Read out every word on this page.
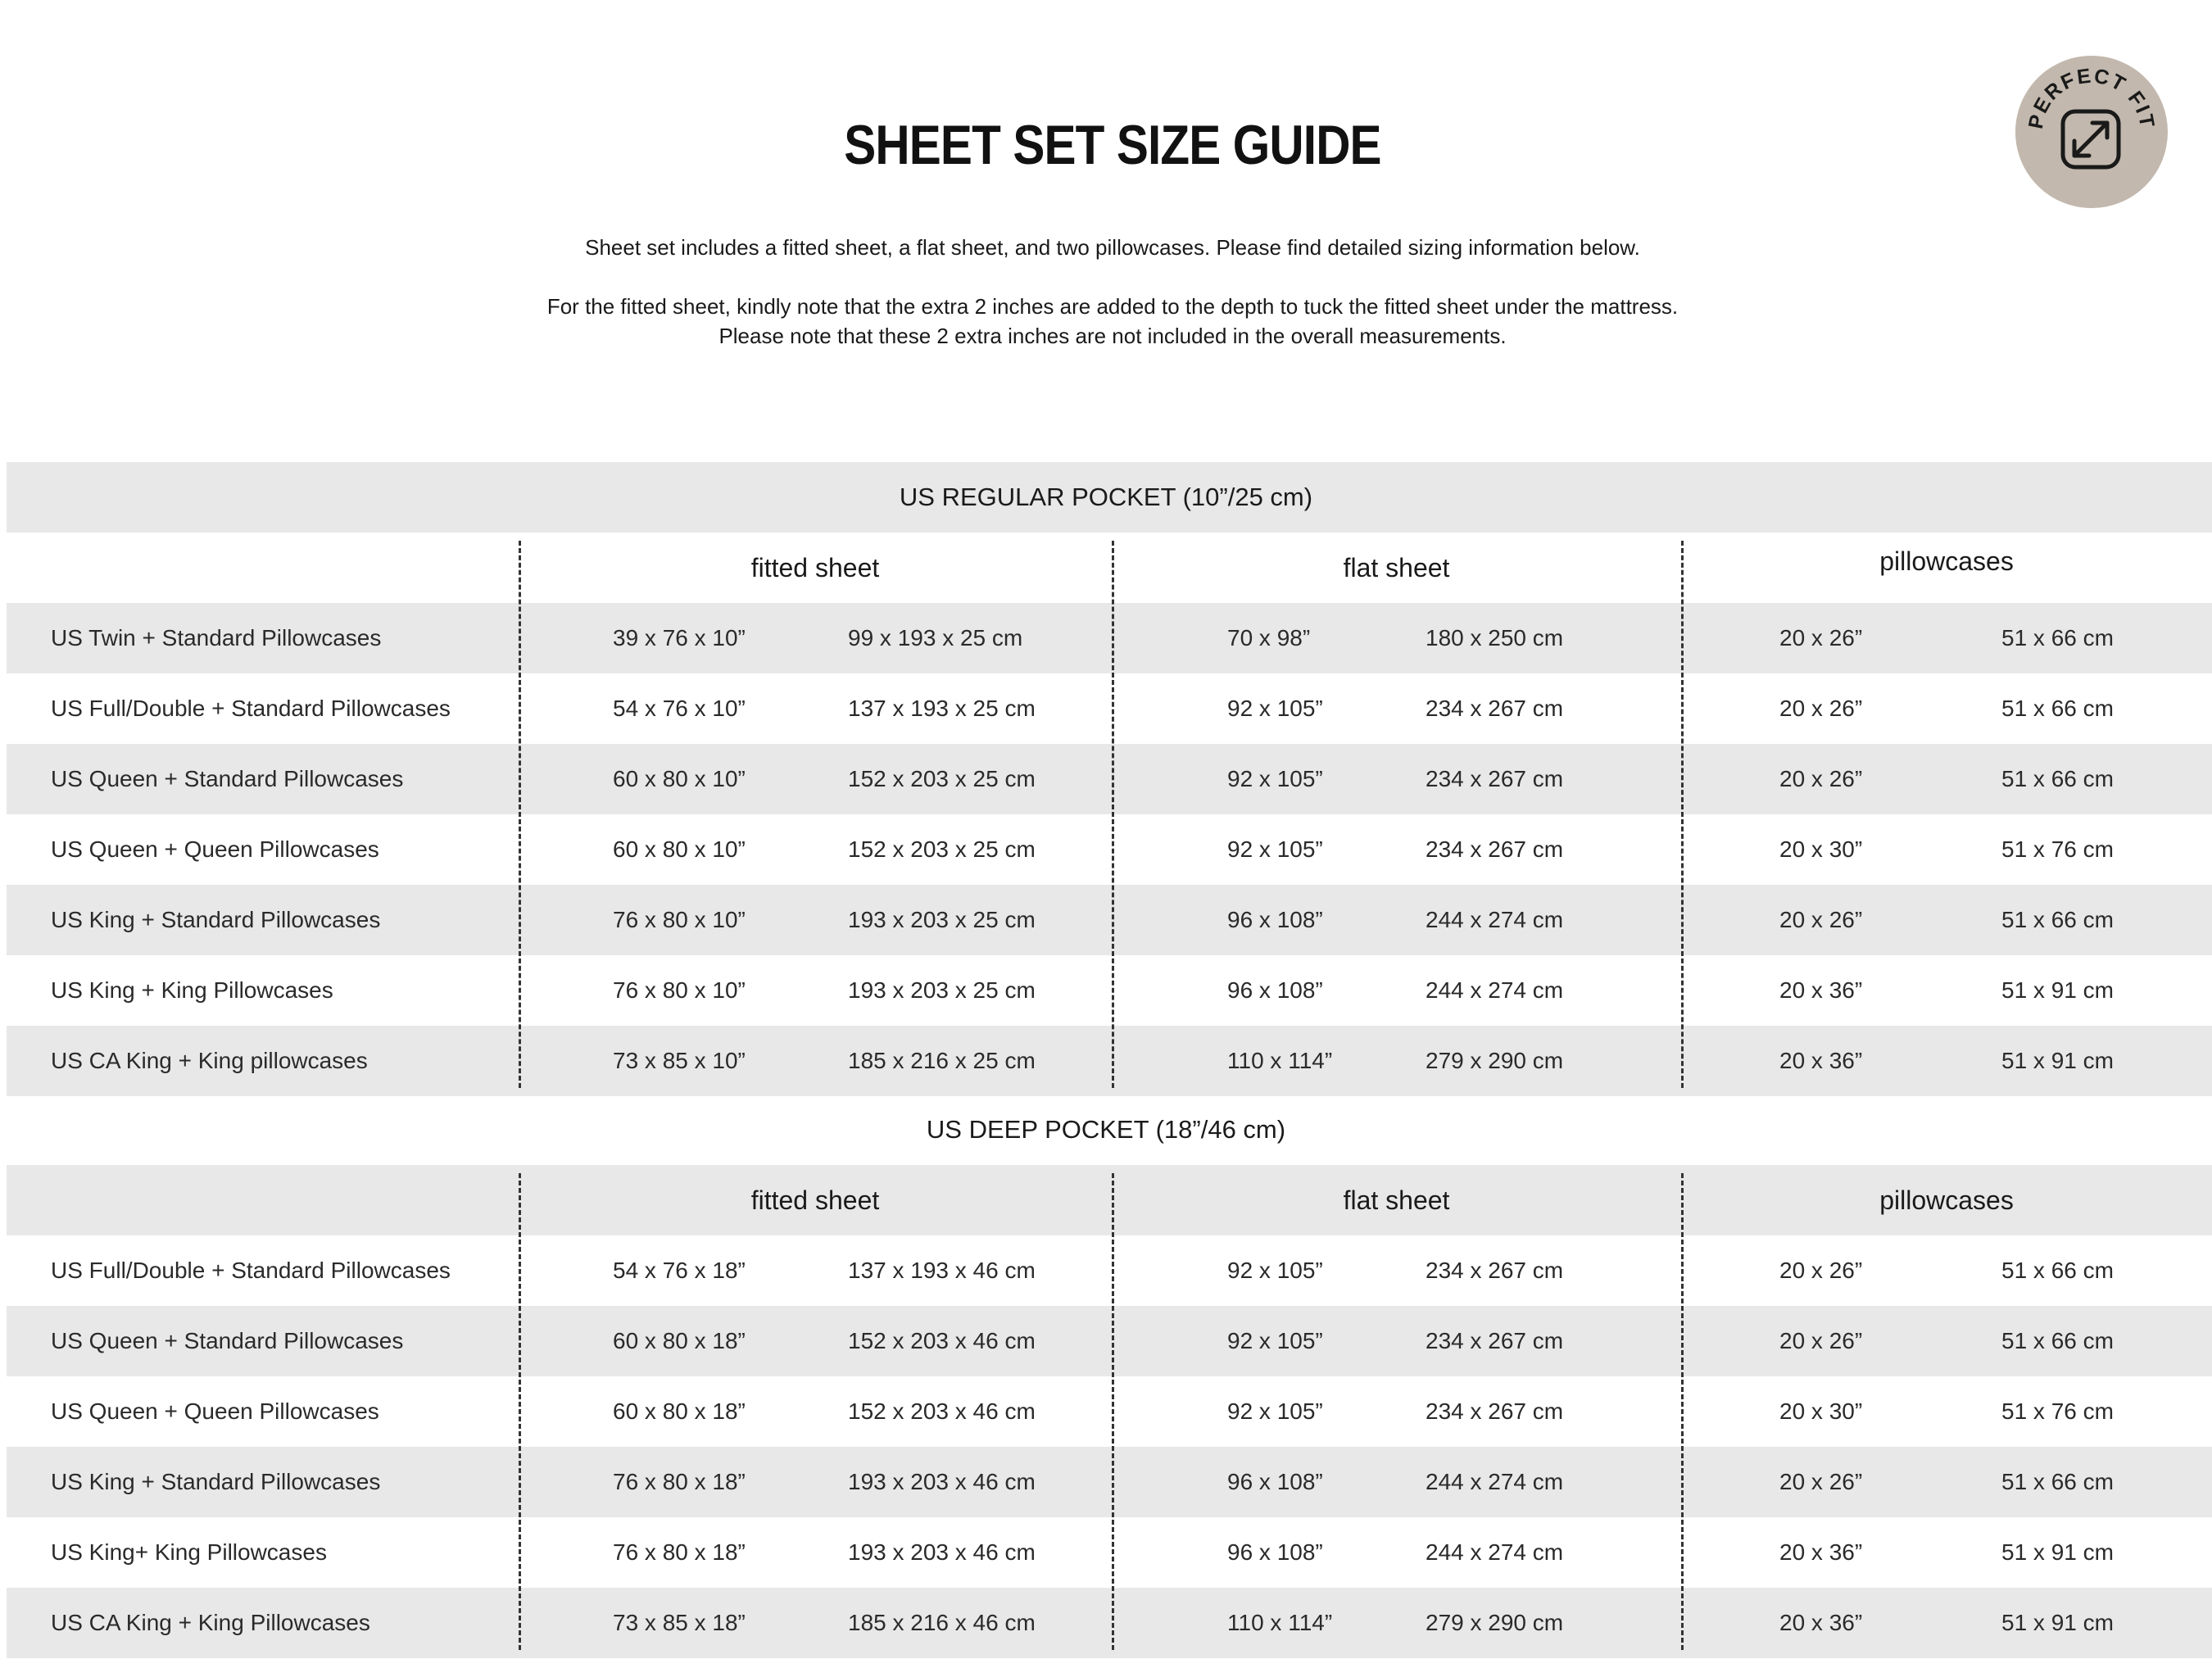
SHEET SET SIZE GUIDE

Sheet set includes a fitted sheet, a flat sheet, and two pillowcases. Please find detailed sizing information below.

For the fitted sheet, kindly note that the extra 2 inches are added to the depth to tuck the fitted sheet under the mattress.

Please note that these 2 extra inches are not included in the overall measurements.

PERFECT FIT
US REGULAR POCKET (10”/25 cm)
fitted sheet	flat sheet	pillowcases
US Twin + Standard Pillowcases	39 x 76 x 10”	99 x 193 x 25 cm	70 x 98”	180 x 250 cm	20 x 26”	51 x 66 cm
US Full/Double + Standard Pillowcases	54 x 76 x 10”	137 x 193 x 25 cm	92 x 105”	234 x 267 cm	20 x 26”	51 x 66 cm
US Queen + Standard Pillowcases	60 x 80 x 10”	152 x 203 x 25 cm	92 x 105”	234 x 267 cm	20 x 26”	51 x 66 cm
US Queen + Queen Pillowcases	60 x 80 x 10”	152 x 203 x 25 cm	92 x 105”	234 x 267 cm	20 x 30”	51 x 76 cm
US King + Standard Pillowcases	76 x 80 x 10”	193 x 203 x 25 cm	96 x 108”	244 x 274 cm	20 x 26”	51 x 66 cm
US King + King Pillowcases	76 x 80 x 10”	193 x 203 x 25 cm	96 x 108”	244 x 274 cm	20 x 36”	51 x 91 cm
US CA King + King pillowcases	73 x 85 x 10”	185 x 216 x 25 cm	110 x 114”	279 x 290 cm	20 x 36”	51 x 91 cm
US DEEP POCKET (18”/46 cm)
fitted sheet	flat sheet	pillowcases
US Full/Double + Standard Pillowcases	54 x 76 x 18”	137 x 193 x 46 cm	92 x 105”	234 x 267 cm	20 x 26”	51 x 66 cm
US Queen + Standard Pillowcases	60 x 80 x 18”	152 x 203 x 46 cm	92 x 105”	234 x 267 cm	20 x 26”	51 x 66 cm
US Queen + Queen Pillowcases	60 x 80 x 18”	152 x 203 x 46 cm	92 x 105”	234 x 267 cm	20 x 30”	51 x 76 cm
US King + Standard Pillowcases	76 x 80 x 18”	193 x 203 x 46 cm	96 x 108”	244 x 274 cm	20 x 26”	51 x 66 cm
US King+ King Pillowcases	76 x 80 x 18”	193 x 203 x 46 cm	96 x 108”	244 x 274 cm	20 x 36”	51 x 91 cm
US CA King + King Pillowcases	73 x 85 x 18”	185 x 216 x 46 cm	110 x 114”	279 x 290 cm	20 x 36”	51 x 91 cm
